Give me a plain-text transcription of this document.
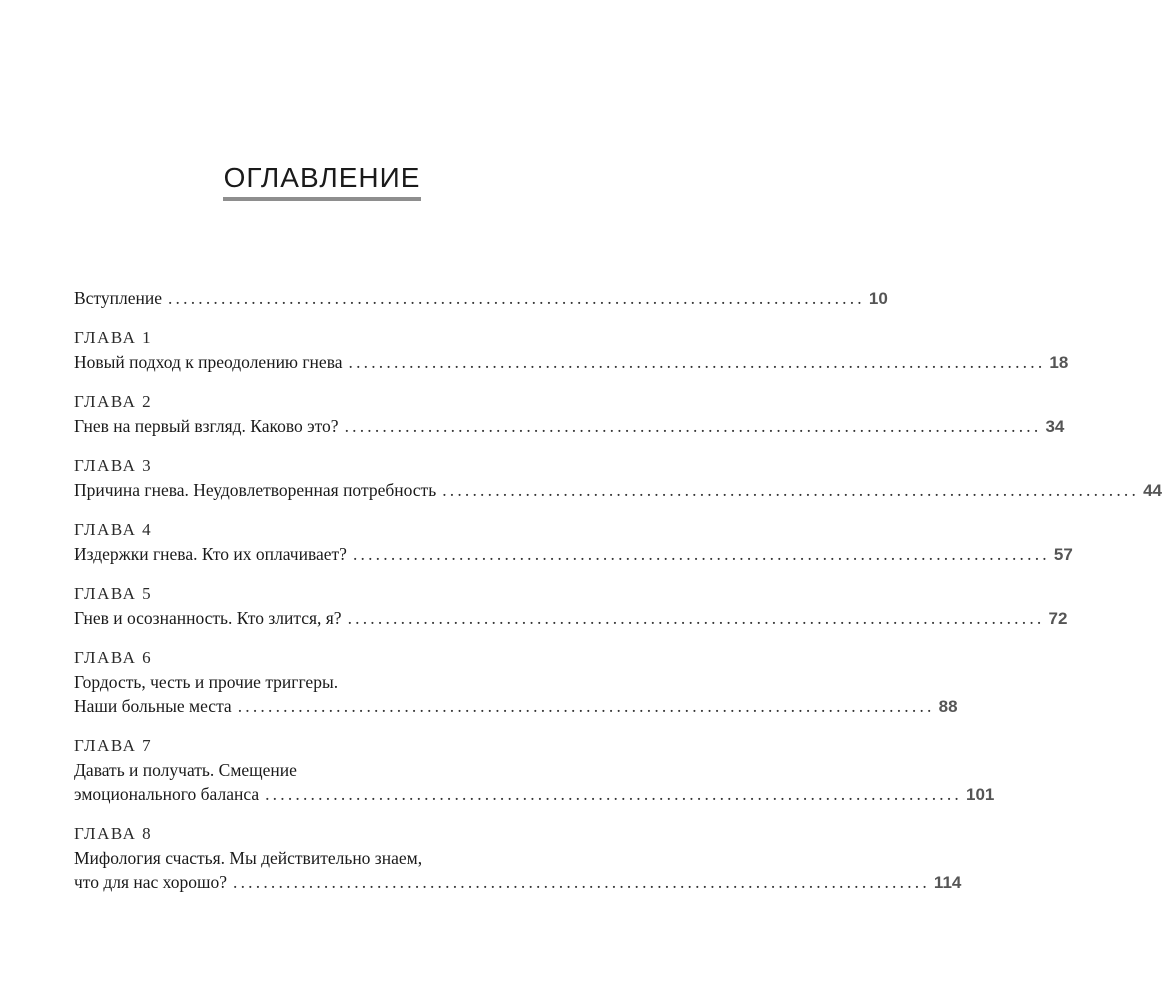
ОГЛАВЛЕНИЕ
Вступление ............................................................................................ 10
ГЛАВА 1
Новый подход к преодолению гнева ............................................................................................ 18
ГЛАВА 2
Гнев на первый взгляд. Каково это? ............................................................................................ 34
ГЛАВА 3
Причина гнева. Неудовлетворенная потребность ............................................................................................ 44
ГЛАВА 4
Издержки гнева. Кто их оплачивает? ............................................................................................ 57
ГЛАВА 5
Гнев и осознанность. Кто злится, я? ............................................................................................ 72
ГЛАВА 6
Гордость, честь и прочие триггеры.
Наши больные места ............................................................................................ 88
ГЛАВА 7
Давать и получать. Смещение
эмоционального баланса ............................................................................................ 101
ГЛАВА 8
Мифология счастья. Мы действительно знаем,
что для нас хорошо? ............................................................................................ 114
